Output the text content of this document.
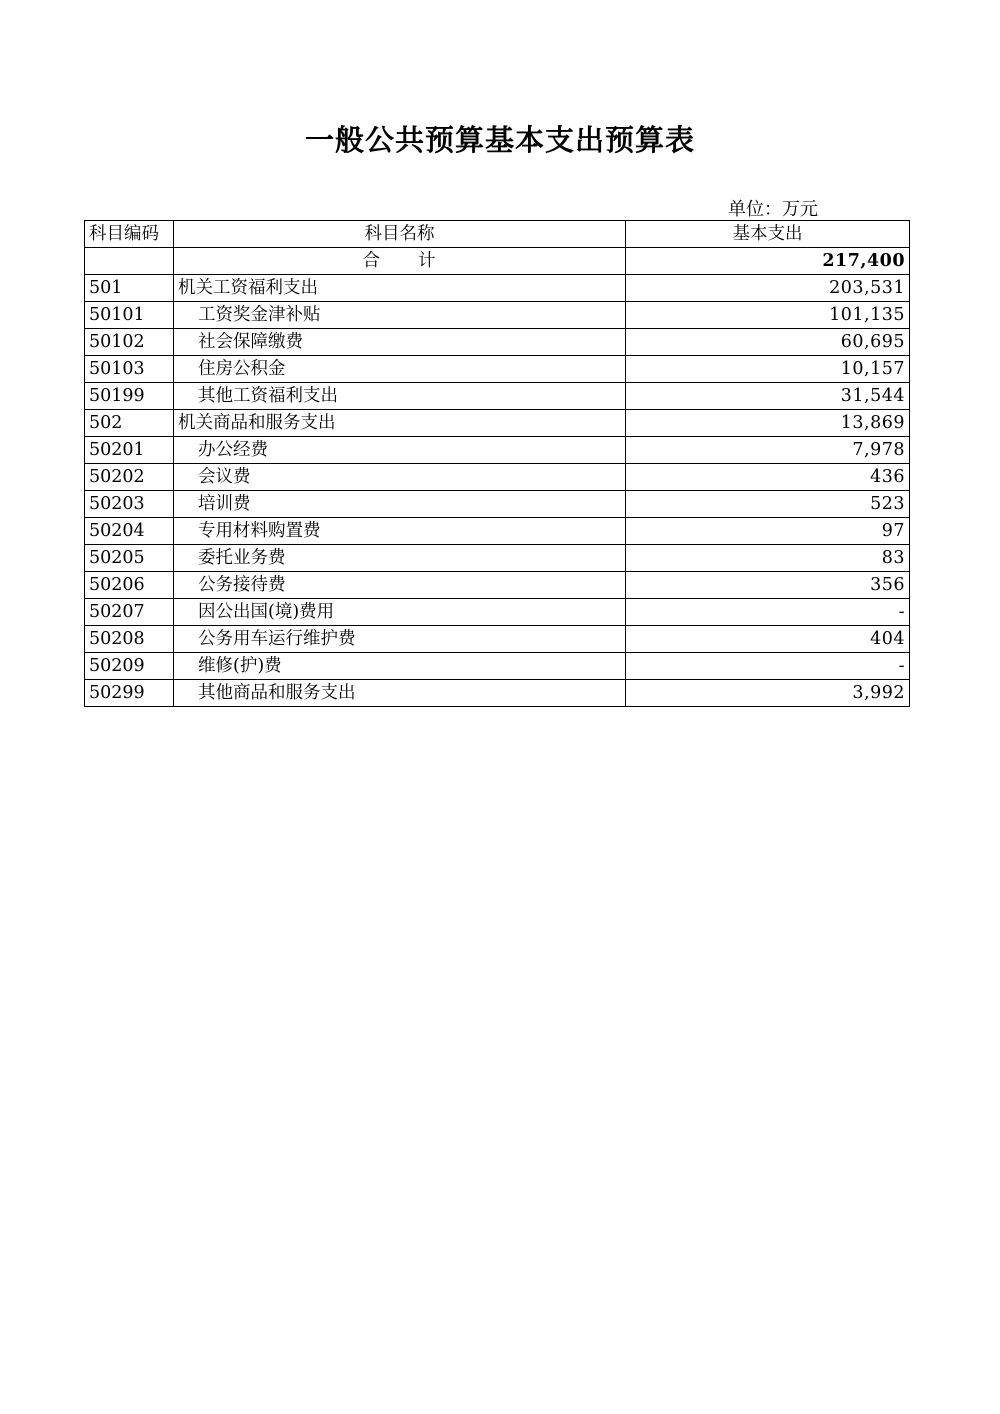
一般公共预算基本支出预算表
单位：万元
科目编码	科目名称	基本支出
	合　　计	217,400
501	机关工资福利支出	203,531
50101	工资奖金津补贴	101,135
50102	社会保障缴费	60,695
50103	住房公积金	10,157
50199	其他工资福利支出	31,544
502	机关商品和服务支出	13,869
50201	办公经费	7,978
50202	会议费	436
50203	培训费	523
50204	专用材料购置费	97
50205	委托业务费	83
50206	公务接待费	356
50207	因公出国(境)费用	-
50208	公务用车运行维护费	404
50209	维修(护)费	-
50299	其他商品和服务支出	3,992
